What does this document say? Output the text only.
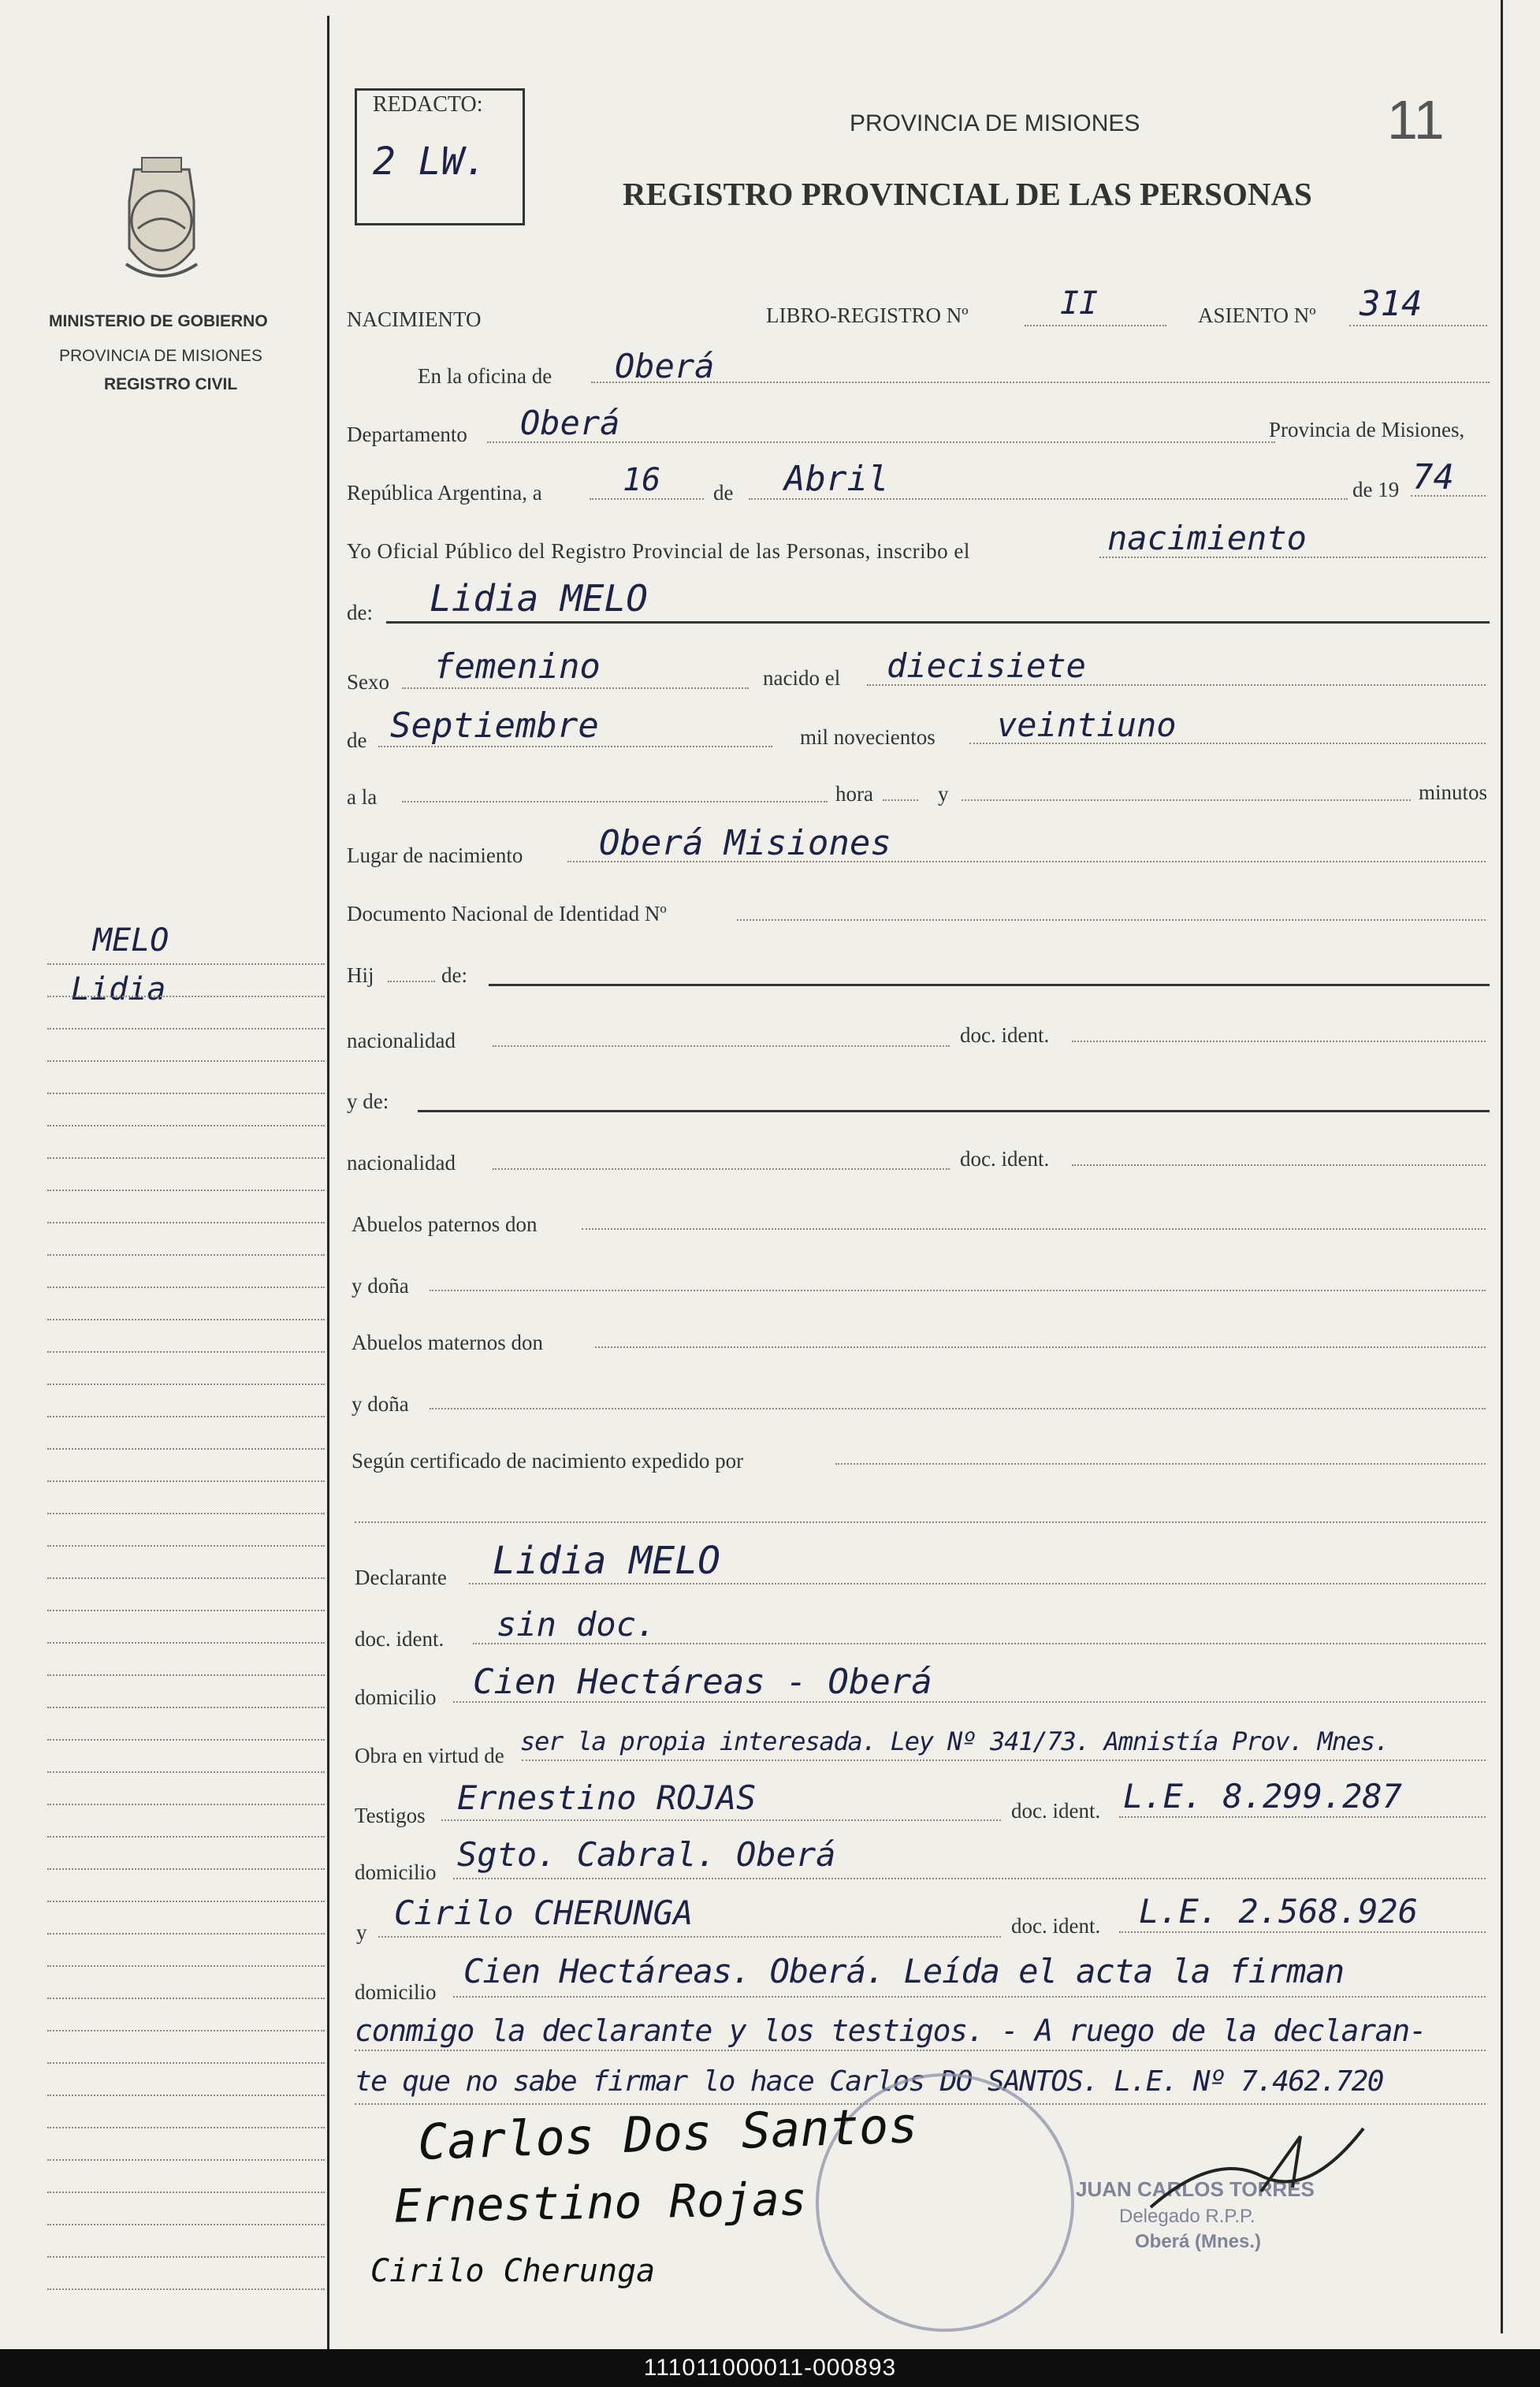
MINISTERIO DE GOBIERNO
PROVINCIA DE MISIONES
REGISTRO CIVIL
MELO
Lidia
REDACTO:
2 LW.
PROVINCIA DE MISIONES	11
REGISTRO PROVINCIAL DE LAS PERSONAS
NACIMIENTO	LIBRO-REGISTRO Nº	II	ASIENTO Nº 314
En la oficina de Oberá
Departamento Oberá	Provincia de Misiones,
República Argentina, a	16 de Abril	de 19 74
Yo Oficial Público del Registro Provincial de las Personas, inscribo el	nacimiento
de: Lidia MELO
Sexo femenino	nacido el diecisiete
de Septiembre	mil novecientos veintiuno
a la	hora	y	minutos
Lugar de nacimiento Oberá Misiones
Documento Nacional de Identidad Nº
Hij	de:
nacionalidad	doc. ident.
y de:
nacionalidad	doc. ident.
Abuelos paternos don
y doña
Abuelos maternos don
y doña
Según certificado de nacimiento expedido por
Declarante Lidia MELO
doc. ident. sin doc.
domicilio Cien Hectáreas - Oberá
Obra en virtud de ser la propia interesada. Ley Nº 341/73. Amnistía Prov. Mnes.
Testigos Ernestino ROJAS	doc. ident. L.E. 8.299.287
domicilio Sgto. Cabral. Oberá
y Cirilo CHERUNGA	doc. ident. L.E. 2.568.926
domicilio
Cien Hectáreas. Oberá. Leída el acta la firman
conmigo la declarante y los testigos. - A ruego de la declaran-
te que no sabe firmar lo hace Carlos DO SANTOS. L.E. Nº 7.462.720
Carlos Dos Santos
Ernestino Rojas
Cirilo Cherunga
JUAN CARLOS TORRES
Delegado R.P.P.
Oberá (Mnes.)
111011000011-000893
